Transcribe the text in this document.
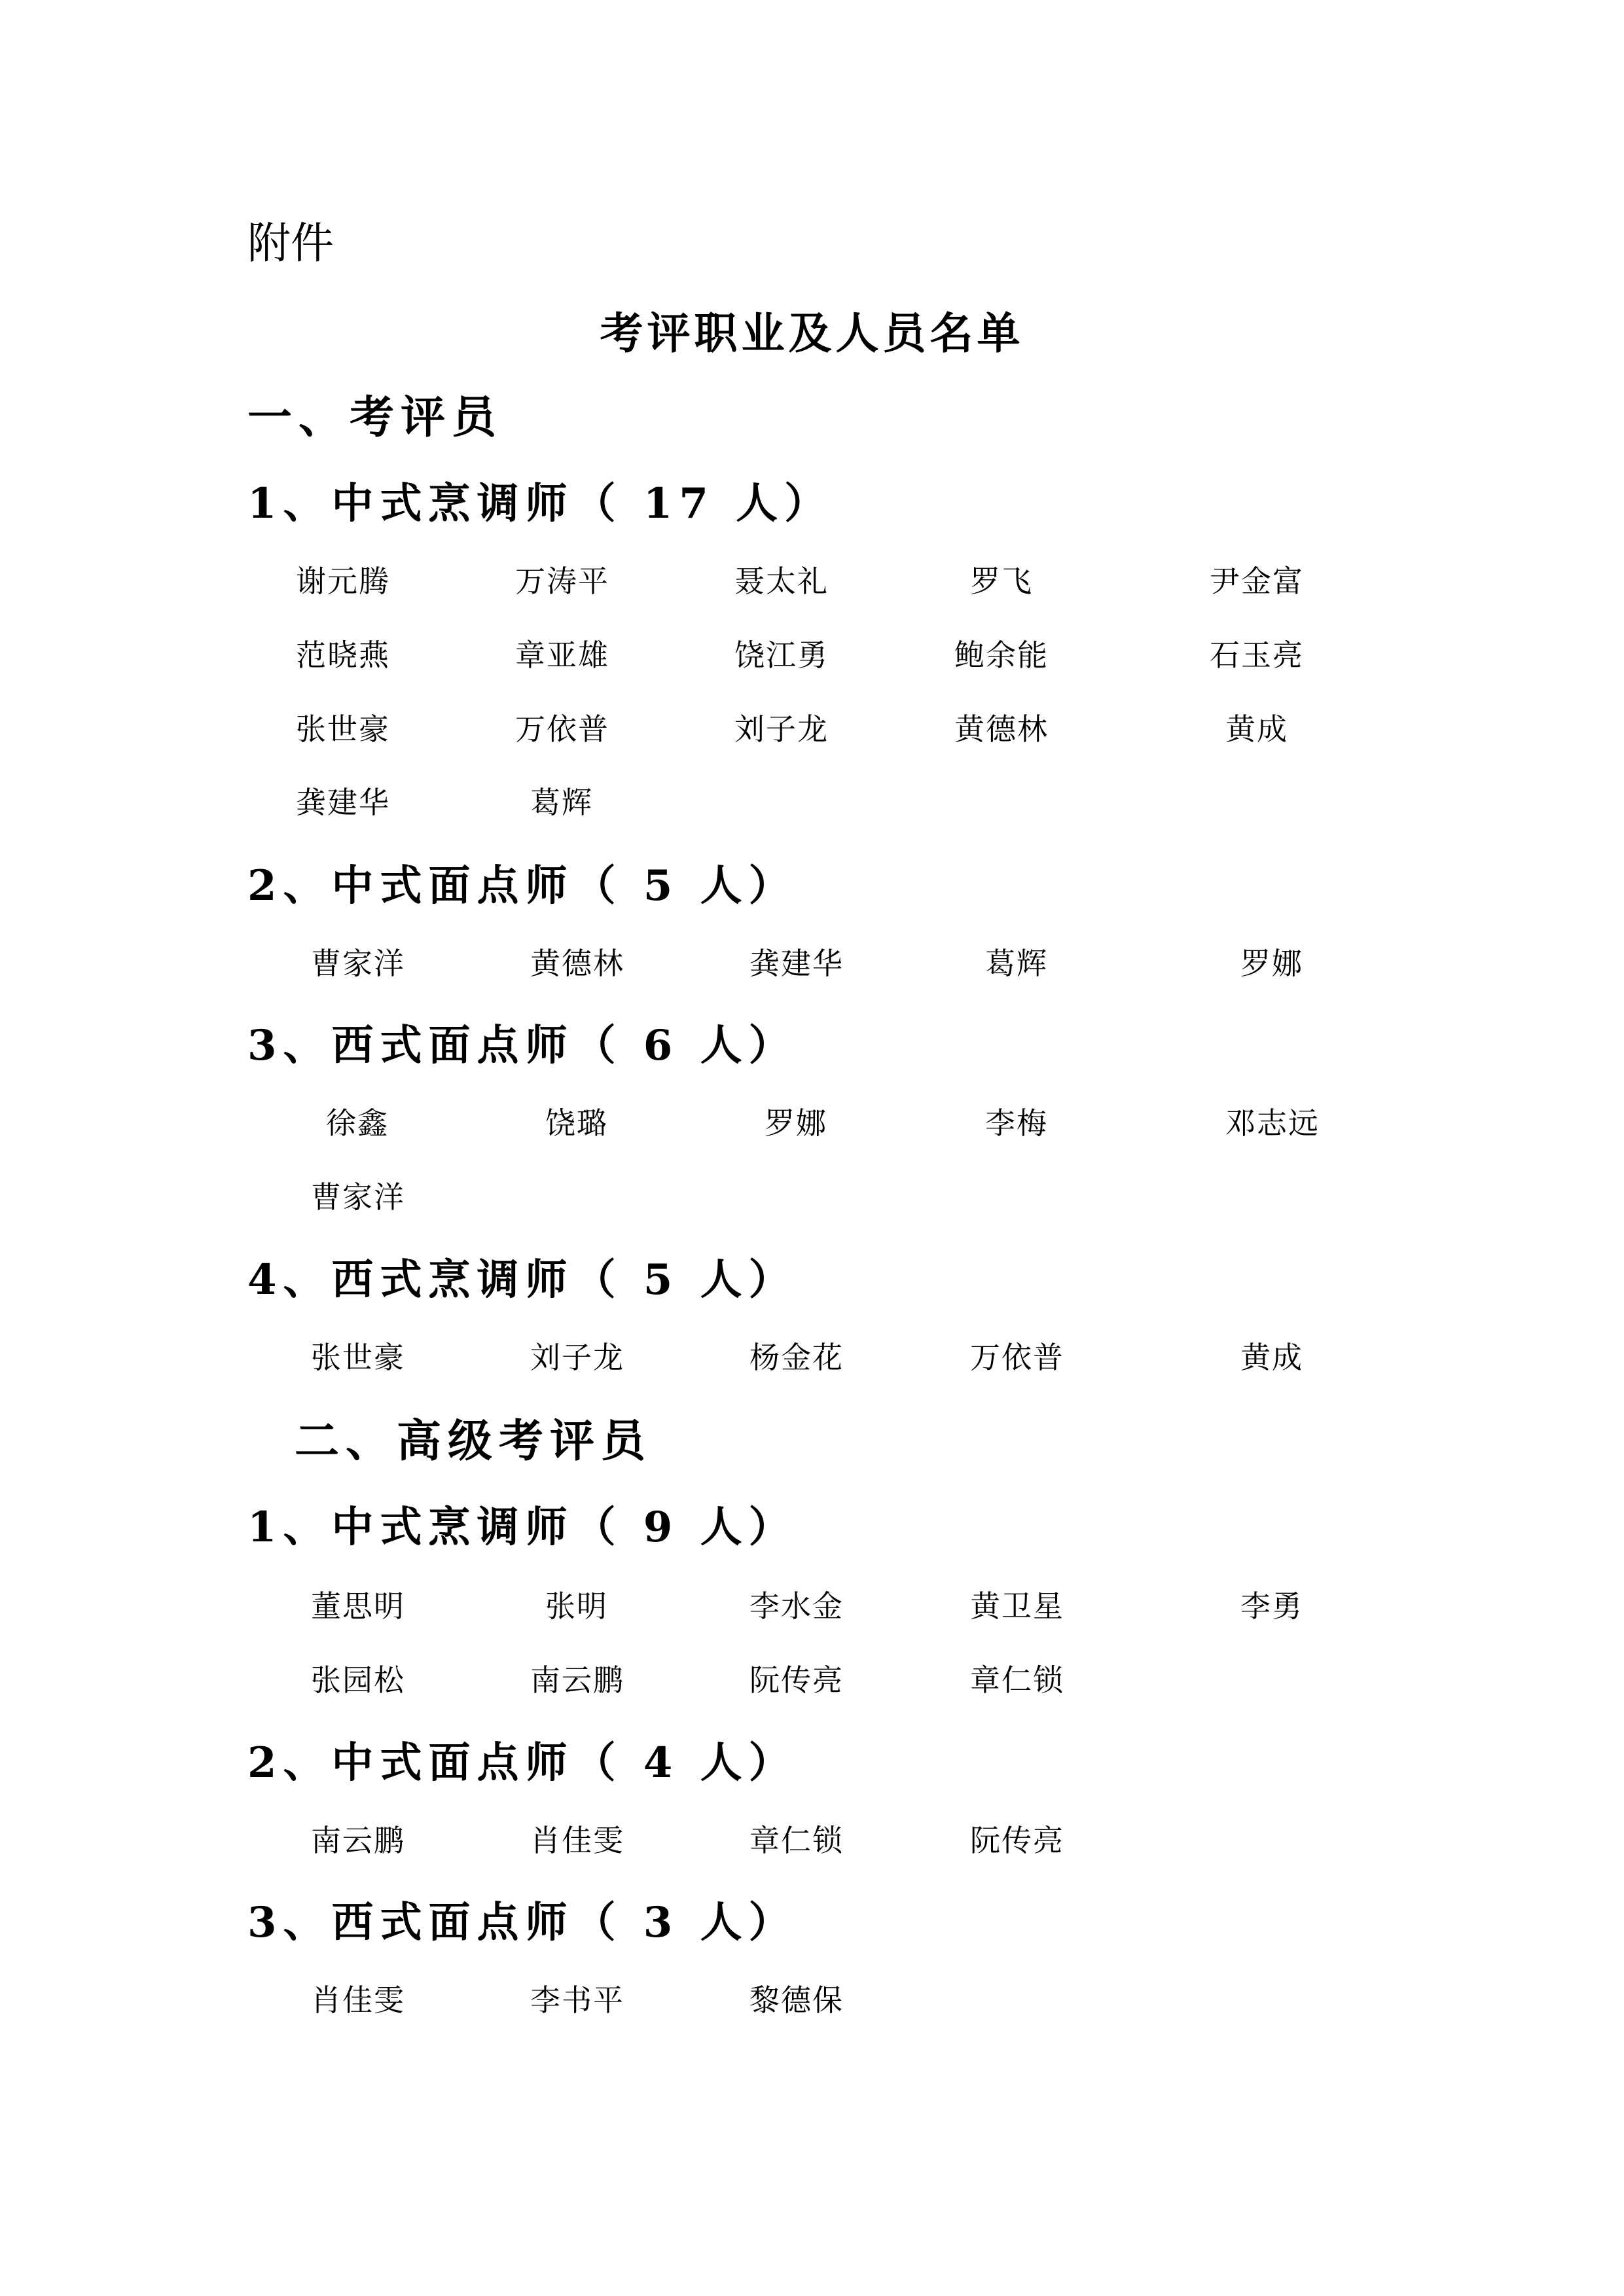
附件
考评职业及人员名单
一、考评员
1、中式烹调师（ 17 人）
谢元腾	万涛平	聂太礼	罗飞	尹金富
范晓燕	章亚雄	饶江勇	鲍余能	石玉亮
张世豪	万依普	刘子龙	黄德林	黄成
龚建华	葛辉
2、中式面点师（ 5 人）
曹家洋	黄德林	龚建华	葛辉	罗娜
3、西式面点师（ 6 人）
徐鑫	饶璐	罗娜	李梅	邓志远
曹家洋
4、西式烹调师（ 5 人）
张世豪	刘子龙	杨金花	万依普	黄成
二、高级考评员
1、中式烹调师（ 9 人）
董思明	张明	李水金	黄卫星	李勇
张园松	南云鹏	阮传亮	章仁锁
2、中式面点师（ 4 人）
南云鹏	肖佳雯	章仁锁	阮传亮
3、西式面点师（ 3 人）
肖佳雯	李书平	黎德保
